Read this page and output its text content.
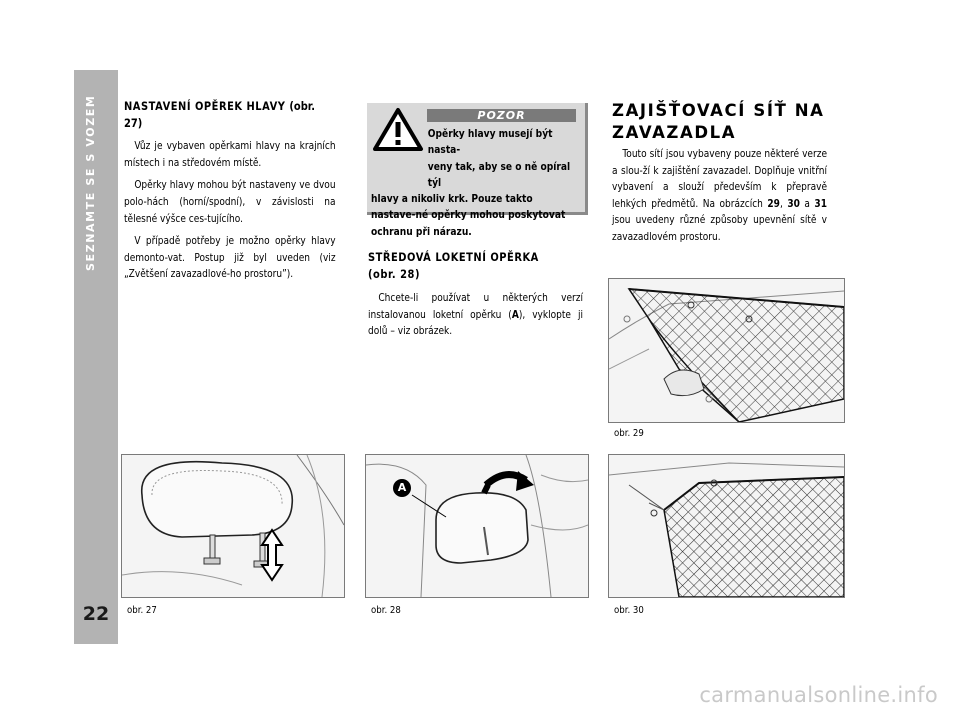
SEZNAMTE SE S VOZEM
22
NASTAVENÍ OPĚREK HLAVY (obr. 27)

Vůz je vybaven opěrkami hlavy na krajních místech i na středovém místě.

Opěrky hlavy mohou být nastaveny ve dvou polo-hách (horní/spodní), v závislosti na tělesné výšce ces-tujícího.

V případě potřeby je možno opěrky hlavy demonto-vat. Postup již byl uveden (viz „Zvětšení zavazadlové-ho prostoru”).

POZOR
Opěrky hlavy musejí být nasta-
veny tak, aby se o ně opíral týl
hlavy a nikoliv krk. Pouze takto nastave-né opěrky mohou poskytovat ochranu při nárazu.
STŘEDOVÁ LOKETNÍ OPĚRKA
(obr. 28)

Chcete-li používat u některých verzí instalovanou loketní opěrku (A), vyklopte ji dolů – viz obrázek.

ZAJIŠŤOVACÍ SÍŤ NA ZAVAZADLA

Touto sítí jsou vybaveny pouze některé verze a slou-ží k zajištění zavazadel. Doplňuje vnitřní vybavení a slouží především k přepravě lehkých předmětů. Na obrázcích 29, 30 a 31 jsou uvedeny různé způsoby upevnění sítě v zavazadlovém prostoru.

obr. 29
obr. 27
A
obr. 28	obr. 30
carmanualsonline.info
